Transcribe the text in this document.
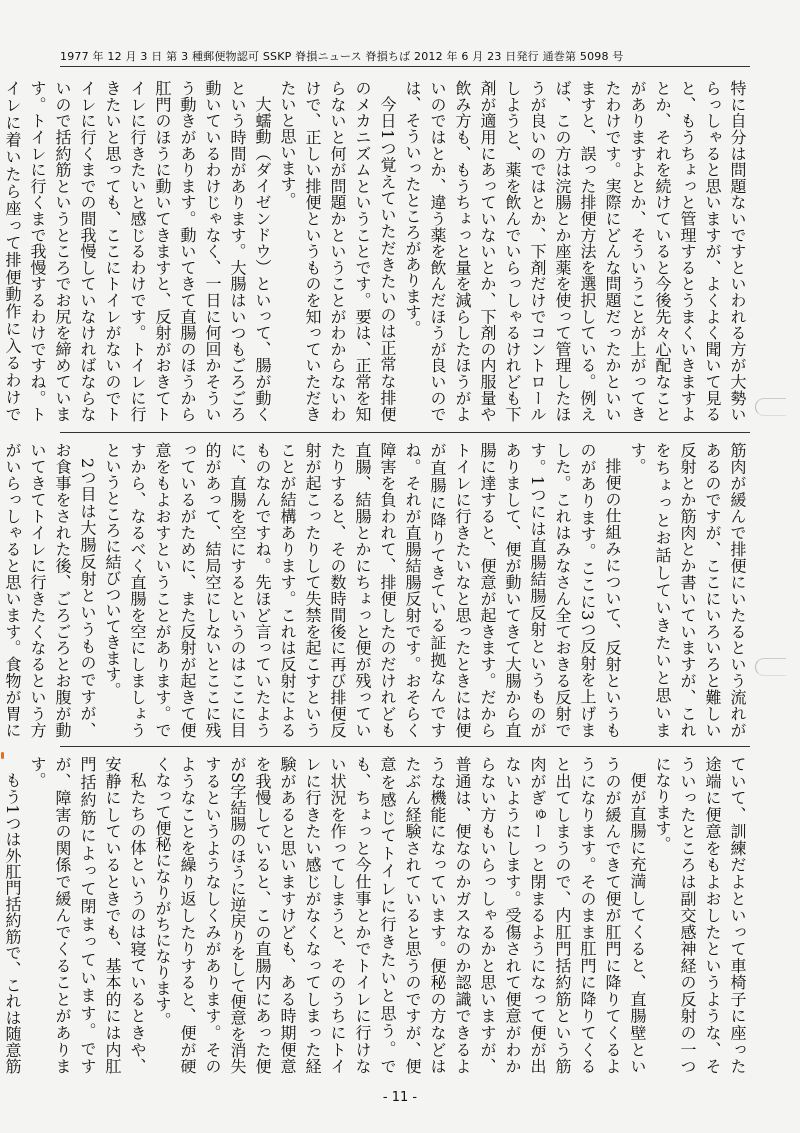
1977 年 12 月 3 日 第 3 種郵便物認可 SSKP 脊損ニュース 脊損ちば 2012 年 6 月 23 日発行 通巻第 5098 号

特に自分は問題ないですといわれる方が大勢いらっしゃると思いますが、よくよく聞いて見ると、もうちょっと管理するとうまくいきますよとか、それを続けていると今後先々心配なことがありますよとか、そういうことが上がってきたわけです。実際にどんな問題だったかといいますと、誤った排便方法を選択している。例えば、この方は浣腸とか座薬を使って管理したほうが良いのではとか、下剤だけでコントロールしようと、薬を飲んでいらっしゃるけれども下剤が適用にあっていないとか、下剤の内服量や飲み方も、もうちょっと量を減らしたほうがよいのではとか、違う薬を飲んだほうが良いのでは、そういったところがあります。

今日1つ覚えていただきたいのは正常な排便のメカニズムということです。要は、正常を知らないと何が問題かということがわからないわけで、正しい排便というものを知っていただきたいと思います。

大蠕動（ダイゼンドウ）といって、腸が動くという時間があります。大腸はいつもごろごろ動いているわけじゃなく、一日に何回かそういう動きがあります。動いてきて直腸のほうから肛門のほうに動いてきますと、反射がおきてトイレに行きたいと感じるわけです。トイレに行きたいと思っても、ここにトイレがないのでトイレに行くまでの間我慢していなければならないので括約筋というところでお尻を締めています。トイレに行くまで我慢するわけですね。トイレに着いたら座って排便動作に入るわけで

筋肉が緩んで排便にいたるという流れがあるのですが、ここにいろいろと難しい反射とか筋肉とか書いていますが、これをちょっとお話していきたいと思います。

排便の仕組みについて、反射というものがあります。ここに3つ反射を上げました。これはみなさん全ておきる反射です。1つには直腸結腸反射というものがありまして、便が動いてきて大腸から直腸に達すると、便意が起きます。だからトイレに行きたいなと思ったときには便が直腸に降りてきている証拠なんですね。それが直腸結腸反射です。おそらく障害を負われて、排便したのだけれども直腸、結腸とかにちょっと便が残っていたりすると、その数時間後に再び排便反射が起こったりして失禁を起こすということが結構あります。これは反射によるものなんですね。先ほど言っていたように、直腸を空にするというのはここに目的があって、結局空にしないとここに残っているがために、また反射が起きて便意をもよおすということがあります。ですから、なるべく直腸を空にしましょうというところに結びついてきます。

2つ目は大腸反射というものですが、お食事をされた後、ごろごろとお腹が動いてきてトイレに行きたくなるという方がいらっしゃると思います。食物が胃に

ていて、訓練だよといって車椅子に座った途端に便意をもよおしたというような、そういったところは副交感神経の反射の一つになります。

便が直腸に充満してくると、直腸壁というのが緩んできて便が肛門に降りてくるようになります。そのまま肛門に降りてくると出てしまうので、内肛門括約筋という筋肉がぎゅーっと閉まるようになって便が出ないようにします。受傷されて便意がわからない方もいらっしゃるかと思いますが、普通は、便なのかガスなのか認識できるような機能になっています。便秘の方などはたぶん経験されていると思うのですが、便意を感じてトイレに行きたいと思う。でも、ちょっと今仕事とかでトイレに行けない状況を作ってしまうと、そのうちにトイレに行きたい感じがなくなってしまった経験があると思いますけども、ある時期便意を我慢していると、この直腸内にあった便がS字結腸のほうに逆戻りをして便意を消失するというようなしくみがあります。そのようなことを繰り返したりすると、便が硬くなって便秘になりがちになります。

私たちの体というのは寝ているときや、安静にしているときでも、基本的には内肛門括約筋によって閉まっています。ですが、障害の関係で緩んでくることがあります。

もう1つは外肛門括約筋で、これは随意筋

- 11 -
